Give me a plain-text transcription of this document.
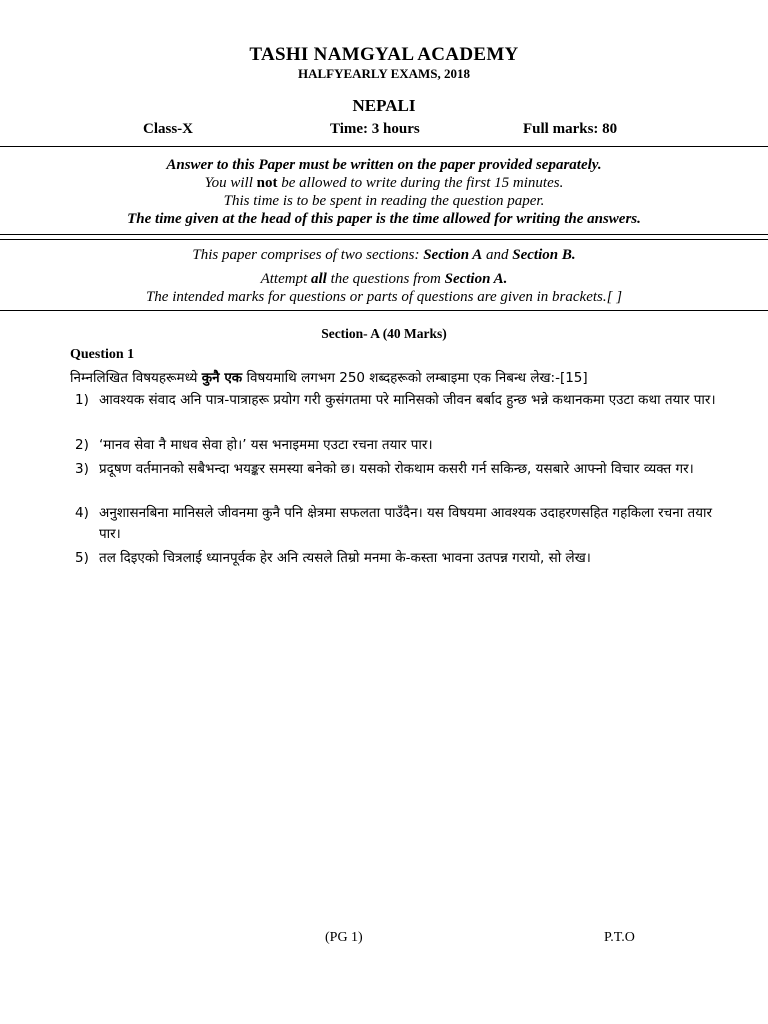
TASHI NAMGYAL ACADEMY
HALFYEARLY EXAMS, 2018
NEPALI
Class-X	Time: 3 hours	Full marks: 80
Answer to this Paper must be written on the paper provided separately.
You will not be allowed to write during the first 15 minutes.
This time is to be spent in reading the question paper.
The time given at the head of this paper is the time allowed for writing the answers.
This paper comprises of two sections: Section A and Section B.
Attempt all the questions from Section A.
The intended marks for questions or parts of questions are given in brackets.[ ]
Section- A (40 Marks)
Question 1
निम्नलिखित विषयहरूमध्ये कुनै एक विषयमाथि लगभग 250 शब्दहरूको लम्बाइमा एक निबन्ध लेख:-[15]
1) आवश्यक संवाद अनि पात्र-पात्राहरू प्रयोग गरी कुसंगतमा परे मानिसको जीवन बर्बाद हुन्छ भन्ने कथानकमा एउटा कथा तयार पार।
2) ‘मानव सेवा नै माधव सेवा हो।’ यस भनाइममा एउटा रचना तयार पार।
3) प्रदूषण वर्तमानको सबैभन्दा भयङ्कर समस्या बनेको छ। यसको रोकथाम कसरी गर्न सकिन्छ, यसबारे आफ्नो विचार व्यक्त गर।
4) अनुशासनबिना मानिसले जीवनमा कुनै पनि क्षेत्रमा सफलता पाउँदैन। यस विषयमा आवश्यक उदाहरणसहित गहकिला रचना तयार पार।
5) तल दिइएको चित्रलाई ध्यानपूर्वक हेर अनि त्यसले तिम्रो मनमा के-कस्ता भावना उतपन्न गरायो, सो लेख।
(PG 1)	P.T.O
